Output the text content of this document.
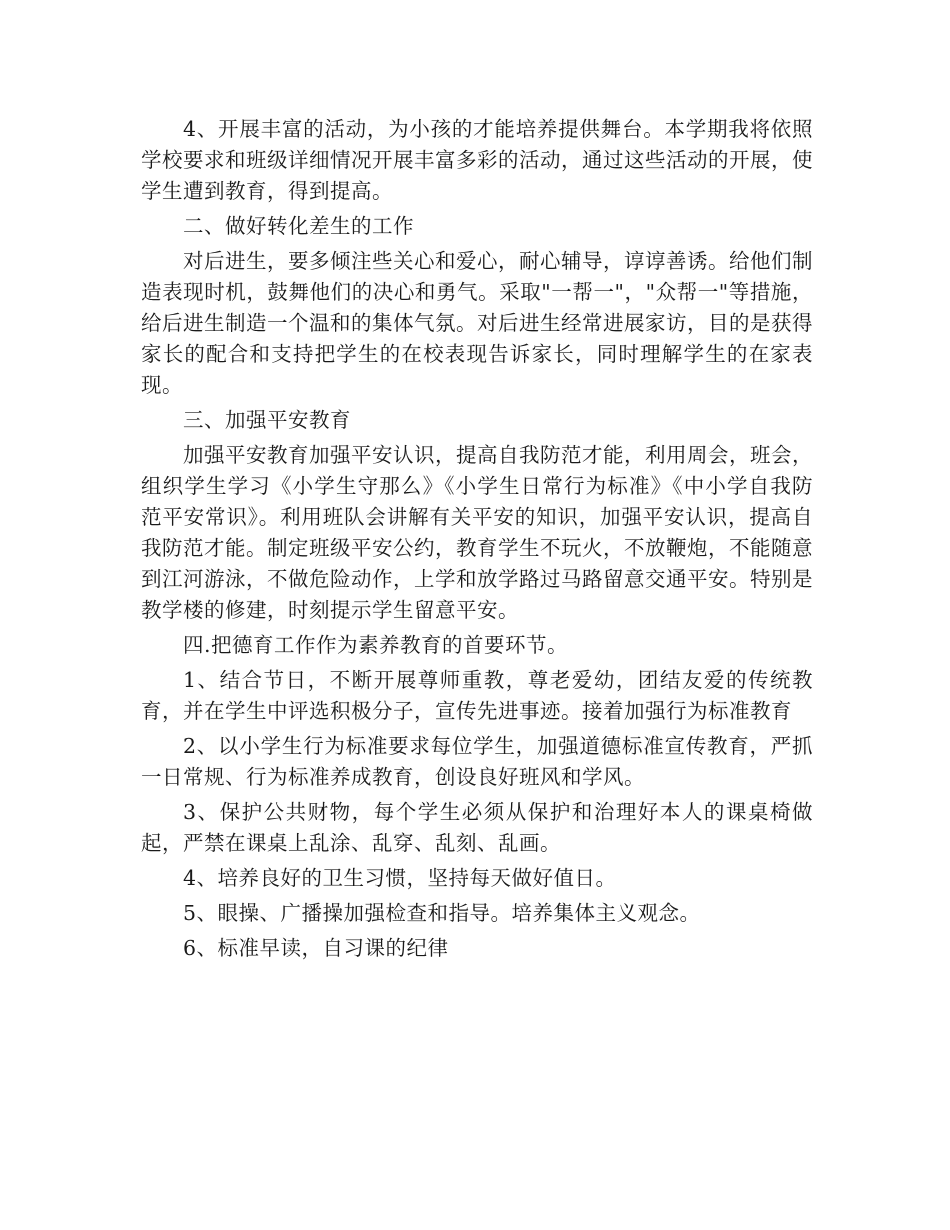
4、开展丰富的活动，为小孩的才能培养提供舞台。本学期我将依照学校要求和班级详细情况开展丰富多彩的活动，通过这些活动的开展，使学生遭到教育，得到提高。

二、做好转化差生的工作

对后进生，要多倾注些关心和爱心，耐心辅导，谆谆善诱。给他们制造表现时机，鼓舞他们的决心和勇气。采取"一帮一"，"众帮一"等措施，给后进生制造一个温和的集体气氛。对后进生经常进展家访，目的是获得家长的配合和支持把学生的在校表现告诉家长，同时理解学生的在家表现。

三、加强平安教育

加强平安教育加强平安认识，提高自我防范才能，利用周会，班会，组织学生学习《小学生守那么》《小学生日常行为标准》《中小学自我防范平安常识》。利用班队会讲解有关平安的知识，加强平安认识，提高自我防范才能。制定班级平安公约，教育学生不玩火，不放鞭炮，不能随意到江河游泳，不做危险动作，上学和放学路过马路留意交通平安。特别是教学楼的修建，时刻提示学生留意平安。

四.把德育工作作为素养教育的首要环节。

1、结合节日，不断开展尊师重教，尊老爱幼，团结友爱的传统教育，并在学生中评选积极分子，宣传先进事迹。接着加强行为标准教育

2、以小学生行为标准要求每位学生，加强道德标准宣传教育，严抓一日常规、行为标准养成教育，创设良好班风和学风。

3、保护公共财物，每个学生必须从保护和治理好本人的课桌椅做起，严禁在课桌上乱涂、乱穿、乱刻、乱画。

4、培养良好的卫生习惯，坚持每天做好值日。

5、眼操、广播操加强检查和指导。培养集体主义观念。

6、标准早读，自习课的纪律
